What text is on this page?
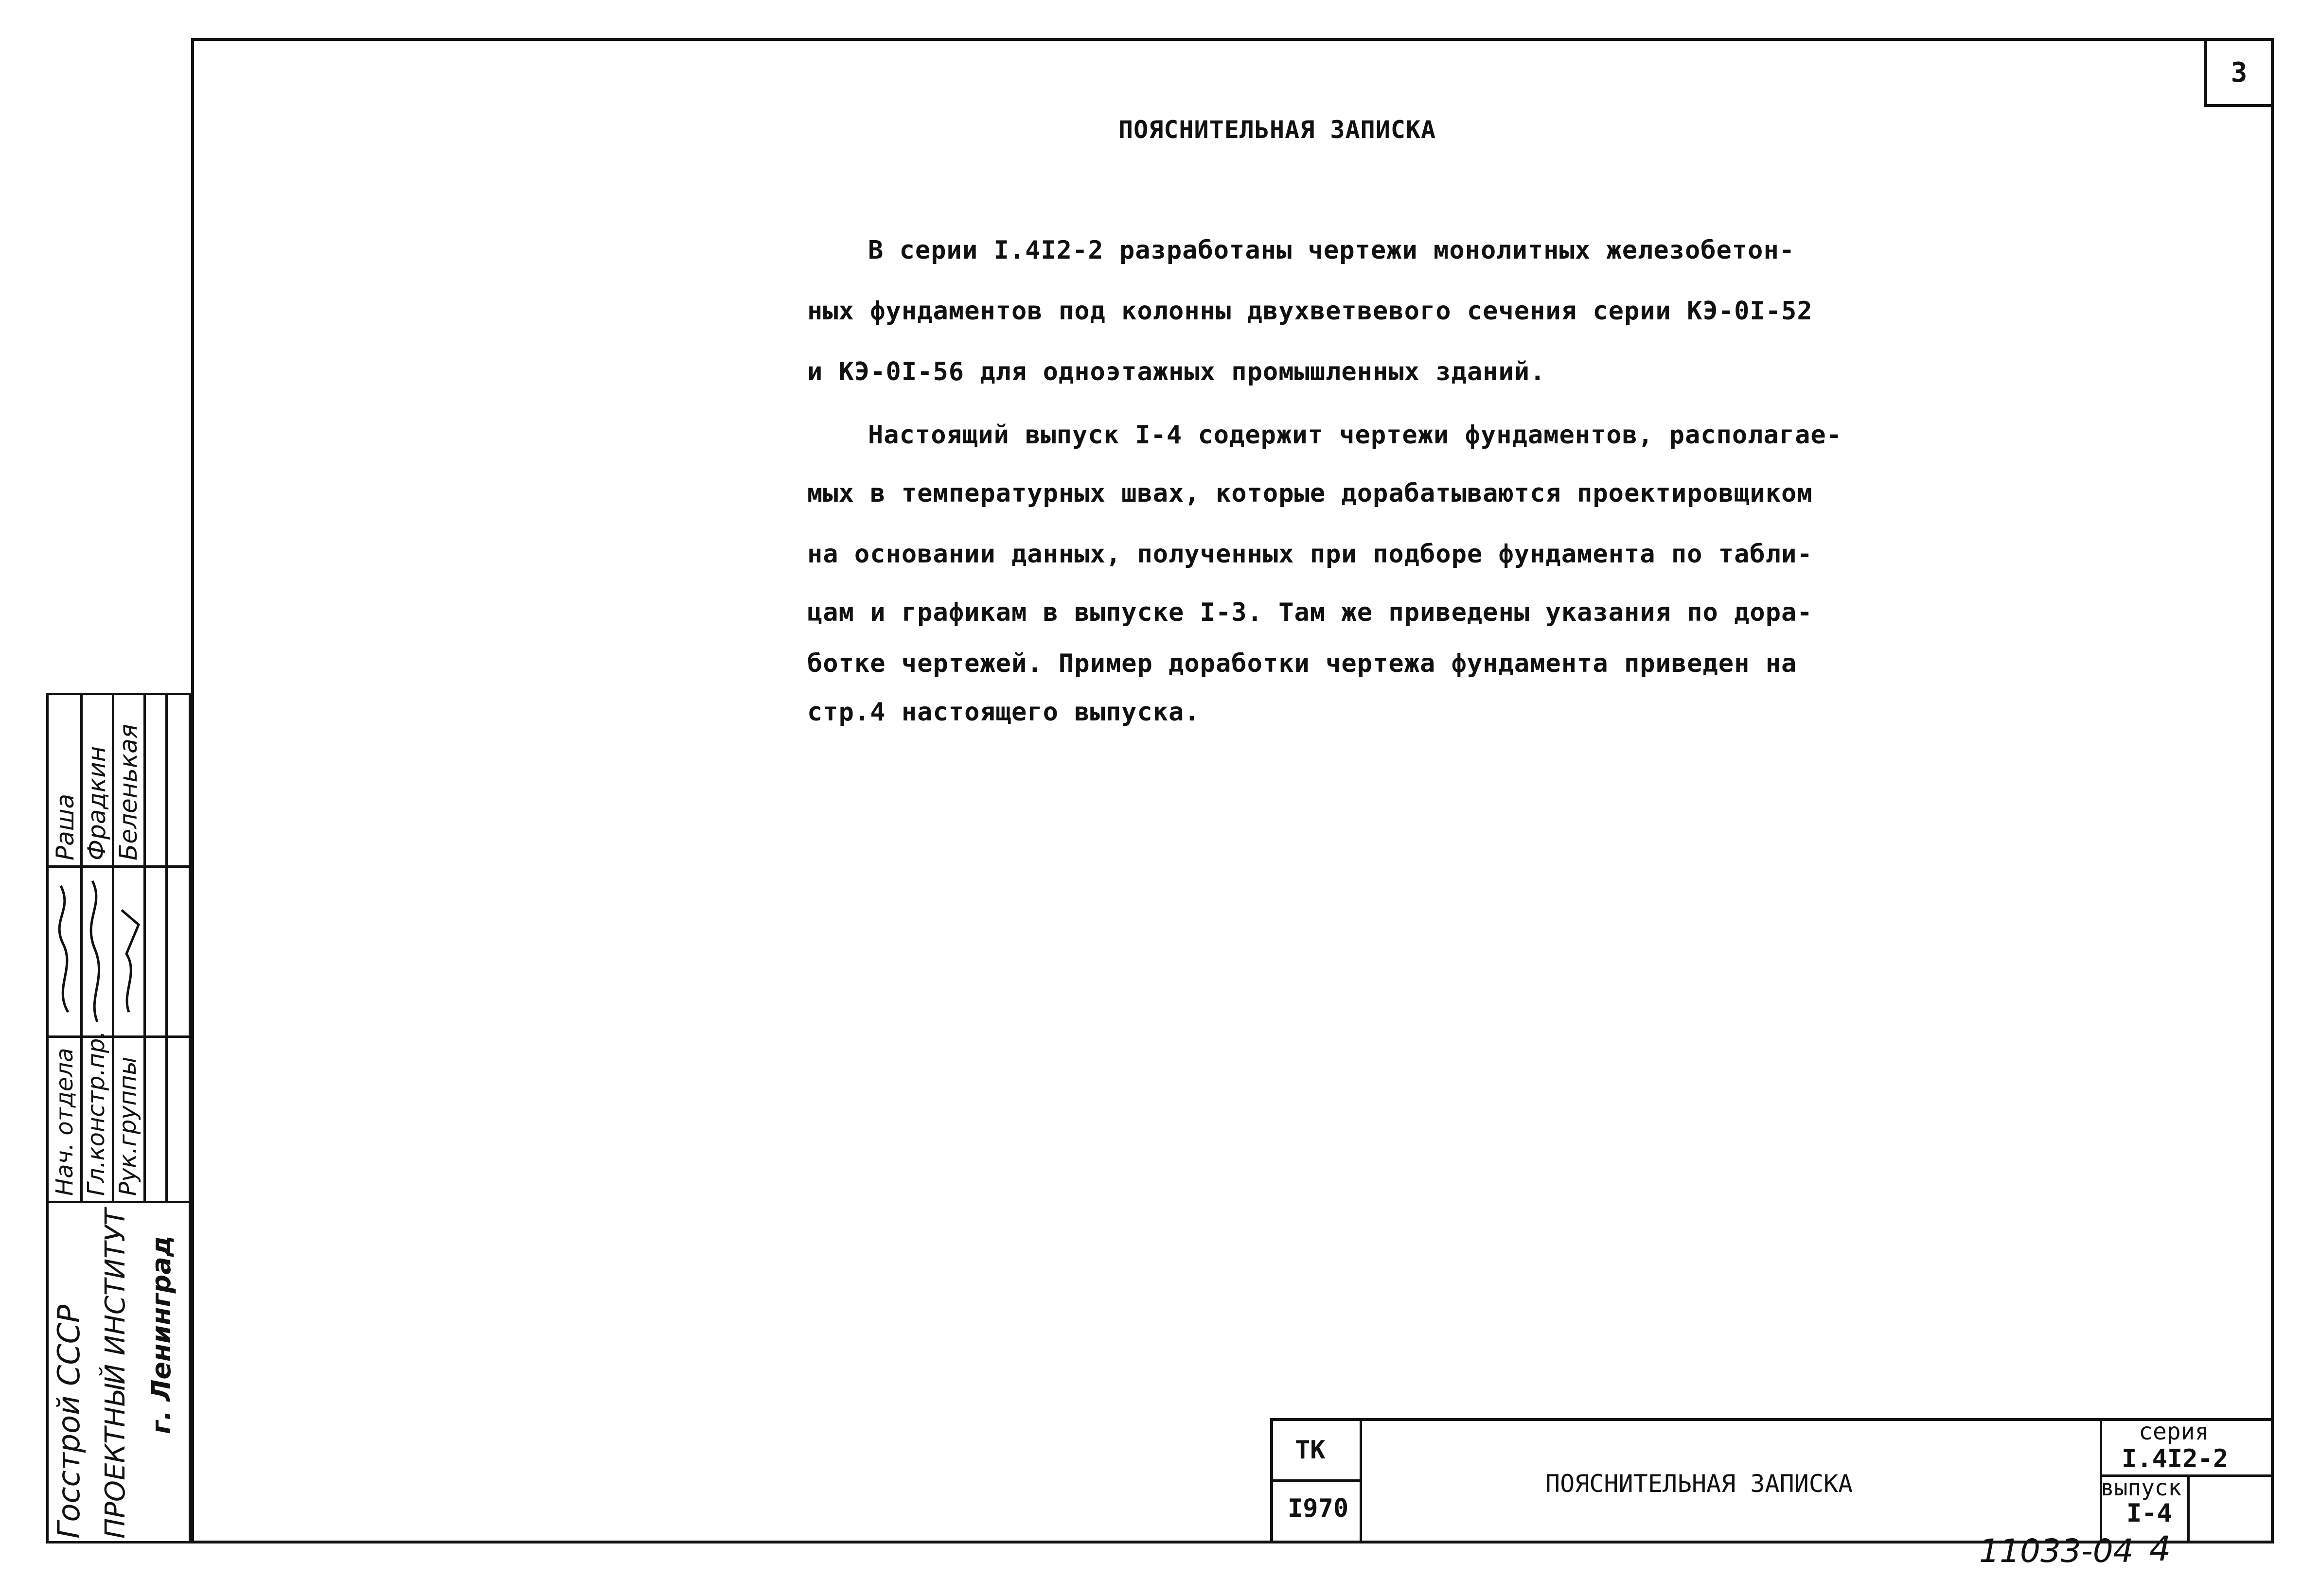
3
ПОЯСНИТЕЛЬНАЯ ЗАПИСКА
В серии I.4I2-2 разработаны чертежи монолитных железобетон-
ных фундаментов под колонны двухветвевого сечения серии КЭ-0I-52
и КЭ-0I-56 для одноэтажных промышленных зданий.
Настоящий выпуск I-4 содержит чертежи фундаментов, располагае-
мых в температурных швах, которые дорабатываются проектировщиком
на основании данных, полученных при подборе фундамента по табли-
цам и графикам в выпуске I-3. Там же приведены указания по дора-
ботке чертежей. Пример доработки чертежа фундамента приведен на
стр.4 настоящего выпуска.
Раша Фрадкин Беленькая
Нач. отдела Гл.констр.пр. Рук.группы
Госстрой СССР ПРОЕКТНЫЙ ИНСТИТУТ г. Ленинград
ТК
I970
ПОЯСНИТЕЛЬНАЯ ЗАПИСКА
серия
I.4I2-2
выпуск
I-4
11033-04 4
